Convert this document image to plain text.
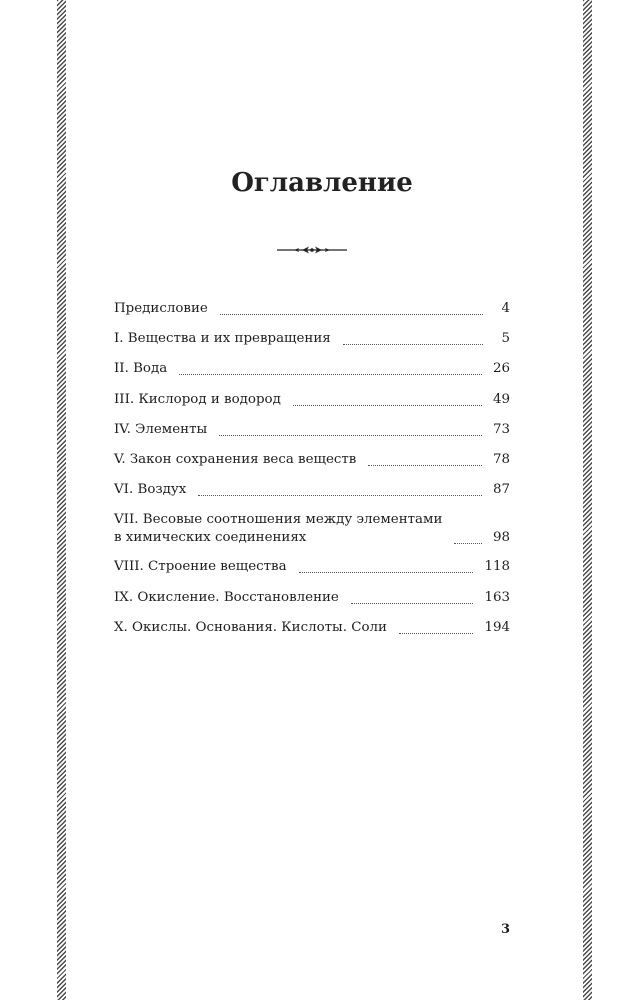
Оглавление
Предисловие	4
I. Вещества и их превращения	5
II. Вода	26
III. Кислород и водород	49
IV. Элементы	73
V. Закон сохранения веса веществ	78
VI. Воздух	87
VII. Весовые соотношения между элементами
в химических соединениях	98
VIII. Строение вещества	118
IX. Окисление. Восстановление	163
X. Окислы. Основания. Кислоты. Соли	194
3
